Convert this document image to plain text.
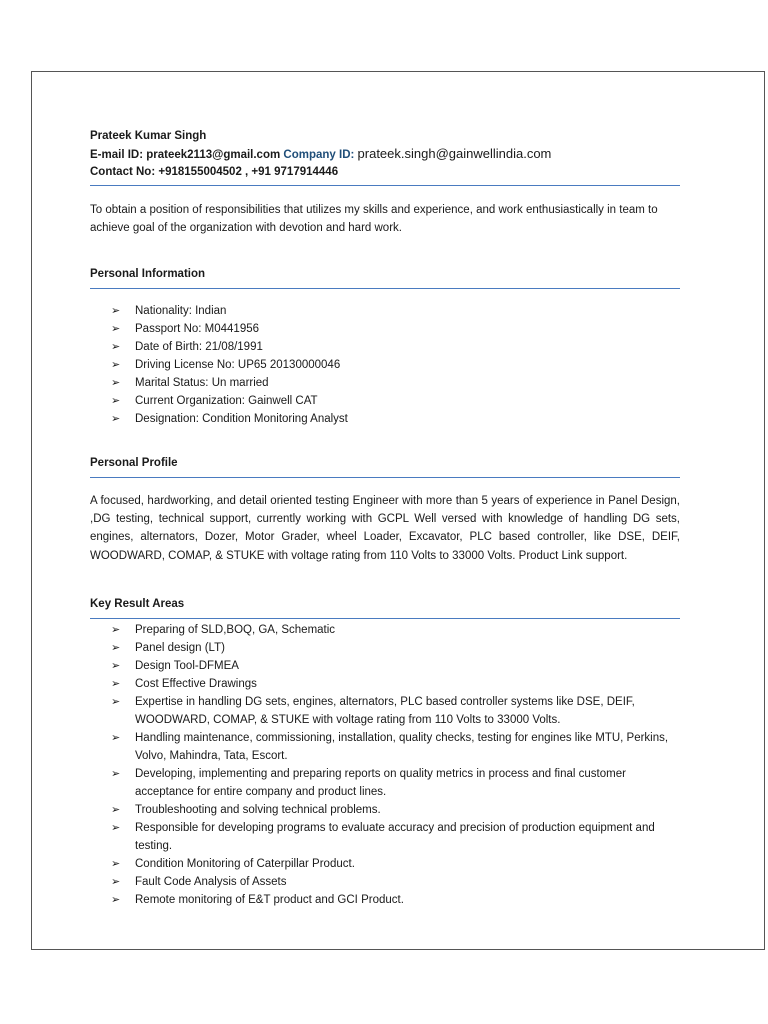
Prateek Kumar Singh
E-mail ID: prateek2113@gmail.com Company ID: prateek.singh@gainwellindia.com
Contact No: +918155004502 , +91 9717914446
To obtain a position of responsibilities that utilizes my skills and experience, and work enthusiastically in team to achieve goal of the organization with devotion and hard work.
Personal Information
➢ Nationality: Indian
➢ Passport No: M0441956
➢ Date of Birth: 21/08/1991
➢ Driving License No: UP65 20130000046
➢ Marital Status: Un married
➢ Current Organization: Gainwell CAT
➢ Designation: Condition Monitoring Analyst
Personal Profile
A focused, hardworking, and detail oriented testing Engineer with more than 5 years of experience in Panel Design, ,DG testing, technical support, currently working with GCPL Well versed with knowledge of handling DG sets, engines, alternators, Dozer, Motor Grader, wheel Loader, Excavator, PLC based controller, like DSE, DEIF, WOODWARD, COMAP, & STUKE with voltage rating from 110 Volts to 33000 Volts. Product Link support.
Key Result Areas
➢ Preparing of SLD,BOQ, GA, Schematic
➢ Panel design (LT)
➢ Design Tool-DFMEA
➢ Cost Effective Drawings
➢ Expertise in handling DG sets, engines, alternators, PLC based controller systems like DSE, DEIF, WOODWARD, COMAP, & STUKE with voltage rating from 110 Volts to 33000 Volts.
➢ Handling maintenance, commissioning, installation, quality checks, testing for engines like MTU, Perkins, Volvo, Mahindra, Tata, Escort.
➢ Developing, implementing and preparing reports on quality metrics in process and final customer acceptance for entire company and product lines.
➢ Troubleshooting and solving technical problems.
➢ Responsible for developing programs to evaluate accuracy and precision of production equipment and testing.
➢ Condition Monitoring of Caterpillar Product.
➢ Fault Code Analysis of Assets
➢ Remote monitoring of E&T product and GCI Product.
